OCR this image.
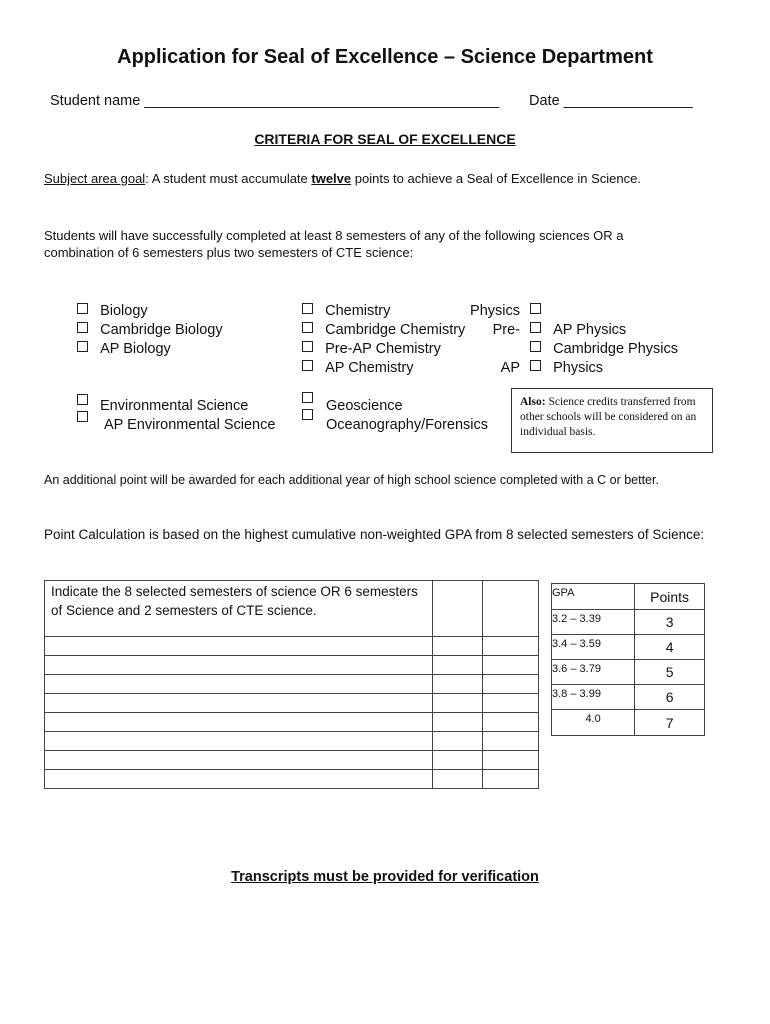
Application for Seal of Excellence – Science Department
Student name ____________________________________________ Date ________________
CRITERIA FOR SEAL OF EXCELLENCE
Subject area goal: A student must accumulate twelve points to achieve a Seal of Excellence in Science.
Students will have successfully completed at least 8 semesters of any of the following sciences OR a combination of 6 semesters plus two semesters of CTE science:
Biology
Cambridge Biology
AP Biology
Chemistry
Cambridge Chemistry
Pre-AP Chemistry
AP Chemistry
Physics
Pre-
AP
AP Physics
Cambridge Physics
Physics
Environmental Science
AP Environmental Science
Geoscience
Oceanography/Forensics
Also: Science credits transferred from other schools will be considered on an individual basis.
An additional point will be awarded for each additional year of high school science completed with a C or better.
Point Calculation is based on the highest cumulative non-weighted GPA from 8 selected semesters of Science:
Indicate the 8 selected semesters of science OR 6 semesters of Science and 2 semesters of CTE science.		

GPA	Points
3.2 – 3.39	3
3.4 – 3.59	4
3.6 – 3.79	5
3.8 – 3.99	6
4.0	7
Transcripts must be provided for verification
